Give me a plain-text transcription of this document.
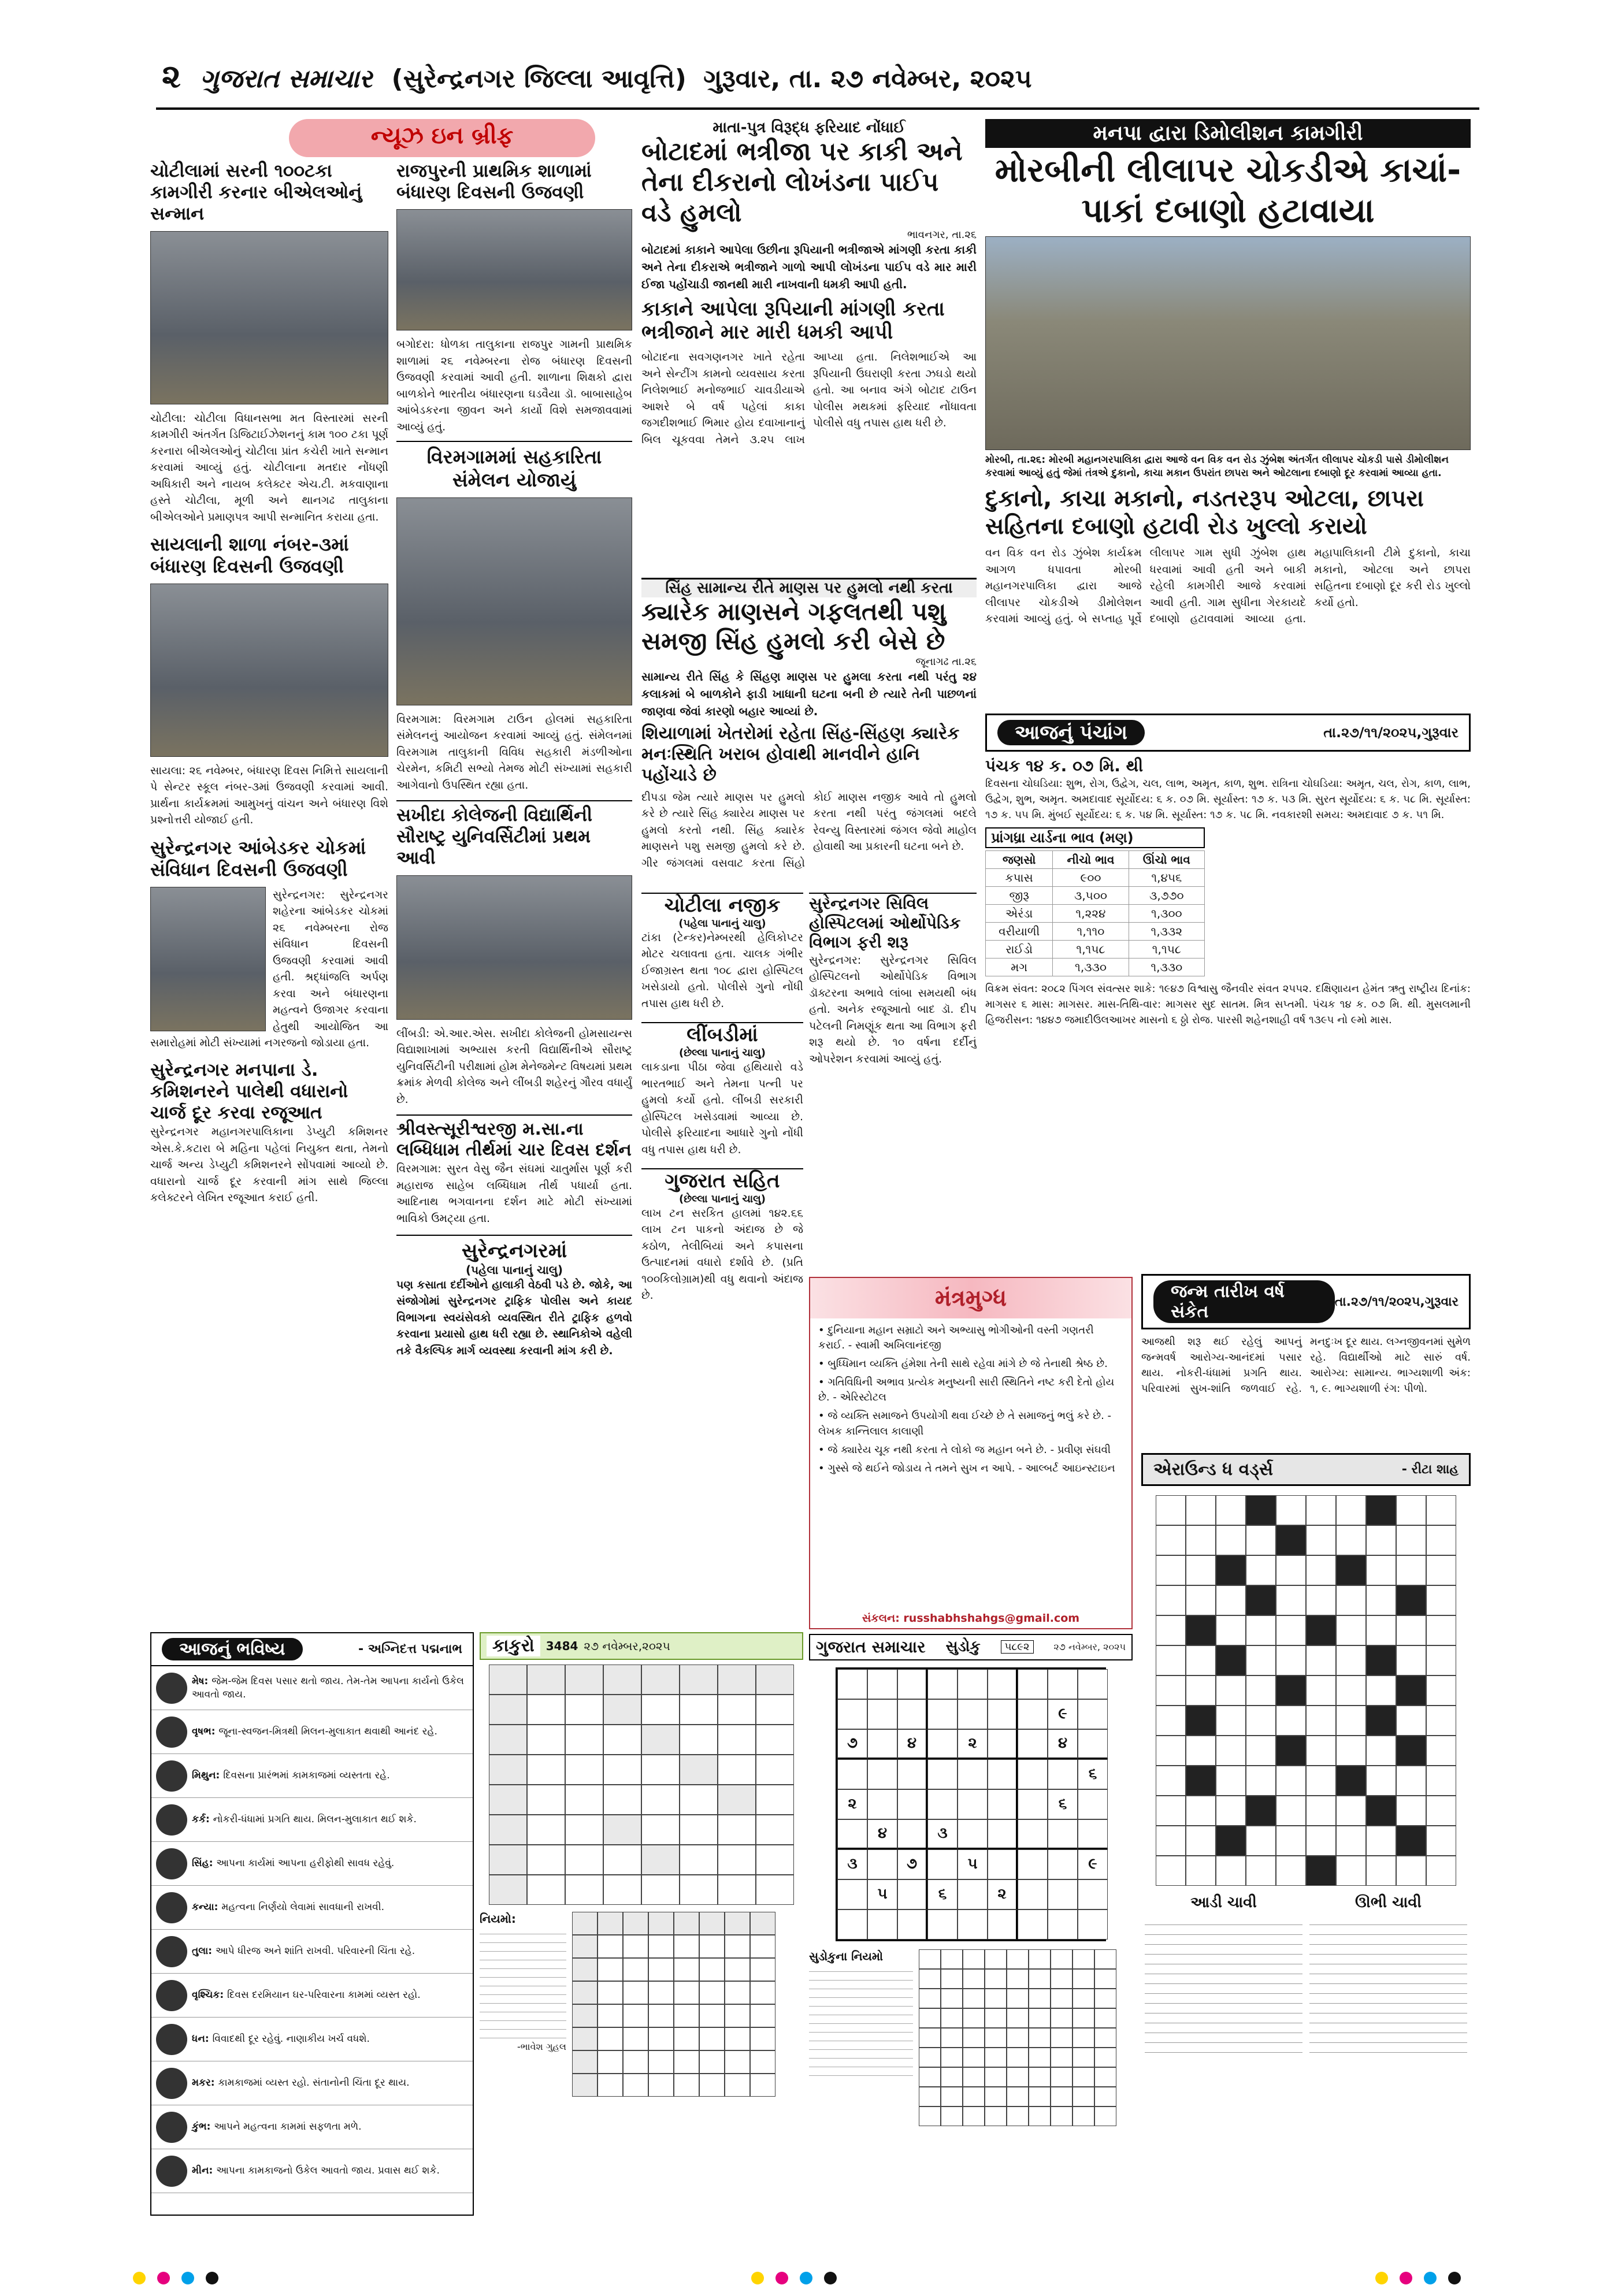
૨ ગુજરાત સમાચાર (સુરેન્દ્રનગર જિલ્લા આવૃત્તિ) ગુરૂવાર, તા. ૨૭ નવેમ્બર, ૨૦૨૫
ન્યૂઝ ઇન બ્રીફ
ચોટીલામાં સરની ૧૦૦ટકા કામગીરી કરનાર બીએલઓનું સન્માન
ચોટીલા: ચોટીલા વિધાનસભા મત વિસ્તારમાં સરની કામગીરી અંતર્ગત ડિજિટાઈઝેશનનું કામ ૧૦૦ ટકા પૂર્ણ કરનારા બીએલઓનું ચોટીલા પ્રાંત કચેરી ખાતે સન્માન કરવામાં આવ્યું હતું. ચોટીલાના મતદાર નોંધણી અધિકારી અને નાયબ કલેક્ટર એચ.ટી. મકવાણાના હસ્તે ચોટીલા, મૂળી અને થાનગઢ તાલુકાના બીએલઓને પ્રમાણપત્ર આપી સન્માનિત કરાયા હતા.
સાયલાની શાળા નંબર-૩માં બંધારણ દિવસની ઉજવણી
સાયલા: ૨૬ નવેમ્બર, બંધારણ દિવસ નિમિત્તે સાયલાની પે સેન્ટર સ્કૂલ નંબર-૩માં ઉજવણી કરવામાં આવી. પ્રાર્થના કાર્યક્રમમાં આમુખનું વાંચન અને બંધારણ વિશે પ્રશ્નોત્તરી યોજાઈ હતી.
સુરેન્દ્રનગર આંબેડકર ચોકમાં સંવિધાન દિવસની ઉજવણી
સુરેન્દ્રનગર: સુરેન્દ્રનગર શહેરના આંબેડકર ચોકમાં ૨૬ નવેમ્બરના રોજ સંવિધાન દિવસની ઉજવણી કરવામાં આવી હતી. શ્રદ્ધાંજલિ અર્પણ કરવા અને બંધારણના મહત્વને ઉજાગર કરવાના હેતુથી આયોજિત આ સમારોહમાં મોટી સંખ્યામાં નગરજનો જોડાયા હતા.
સુરેન્દ્રનગર મનપાના ડે. કમિશનરને પાલેથી વધારાનો ચાર્જ દૂર કરવા રજૂઆત
સુરેન્દ્રનગર મહાનગરપાલિકાના ડેપ્યુટી કમિશનર એસ.કે.કટારા બે મહિના પહેલાં નિયુક્ત થતા, તેમનો ચાર્જ અન્ય ડેપ્યુટી કમિશનરને સોંપવામાં આવ્યો છે. વધારાનો ચાર્જ દૂર કરવાની માંગ સાથે જિલ્લા કલેક્ટરને લેખિત રજૂઆત કરાઈ હતી.
રાજપુરની પ્રાથમિક શાળામાં બંધારણ દિવસની ઉજવણી
બગોદરા: ધોળકા તાલુકાના રાજપુર ગામની પ્રાથમિક શાળામાં ૨૬ નવેમ્બરના રોજ બંધારણ દિવસની ઉજવણી કરવામાં આવી હતી. શાળાના શિક્ષકો દ્વારા બાળકોને ભારતીય બંધારણના ઘડવૈયા ડૉ. બાબાસાહેબ આંબેડકરના જીવન અને કાર્યો વિશે સમજાવવામાં આવ્યું હતું.
વિરમગામમાં સહકારિતા સંમેલન યોજાયું
વિરમગામ: વિરમગામ ટાઉન હોલમાં સહકારિતા સંમેલનનું આયોજન કરવામાં આવ્યું હતું. સંમેલનમાં વિરમગામ તાલુકાની વિવિધ સહકારી મંડળીઓના ચેરમેન, કમિટી સભ્યો તેમજ મોટી સંખ્યામાં સહકારી આગેવાનો ઉપસ્થિત રહ્યા હતા.
સખીદા કોલેજની વિદ્યાર્થિની સૌરાષ્ટ્ર યુનિવર્સિટીમાં પ્રથમ આવી
લીંબડી: એ.આર.એસ. સખીદા કોલેજની હોમસાયન્સ વિદ્યાશાખામાં અભ્યાસ કરતી વિદ્યાર્થિનીએ સૌરાષ્ટ્ર યુનિવર્સિટીની પરીક્ષામાં હોમ મેનેજમેન્ટ વિષયમાં પ્રથમ ક્રમાંક મેળવી કોલેજ અને લીંબડી શહેરનું ગૌરવ વધાર્યું છે.
શ્રીવસ્ત્સૂરીશ્વરજી મ.સા.ના લબ્ધિધામ તીર્થમાં ચાર દિવસ દર્શન
વિરમગામ: સુરત વેસુ જૈન સંઘમાં ચાતુર્માસ પૂર્ણ કરી મહારાજ સાહેબ લબ્ધિધામ તીર્થ પધાર્યા હતા. આદિનાથ ભગવાનના દર્શન માટે મોટી સંખ્યામાં ભાવિકો ઉમટ્યા હતા.
સુરેન્દ્રનગરમાં
(પહેલા પાનાનું ચાલુ)
પણ કસાતા દર્દીઓને હાલાકી વેઠવી પડે છે. જોકે, આ સંજોગોમાં સુરેન્દ્રનગર ટ્રાફિક પોલીસ અને કાયદ વિભાગના સ્વયંસેવકો વ્યવસ્થિત રીતે ટ્રાફિક હળવો કરવાના પ્રયાસો હાથ ધરી રહ્યા છે. સ્થાનિકોએ વહેલી તકે વૈકલ્પિક માર્ગ વ્યવસ્થા કરવાની માંગ કરી છે.
માતા-પુત્ર વિરૂદ્ધ ફરિયાદ નોંધાઈ
બોટાદમાં ભત્રીજા પર કાકી અને તેના દીકરાનો લોખંડના પાઈપ વડે હુમલો
ભાવનગર, તા.૨૬
બોટાદમાં કાકાને આપેલા ઉછીના રૂપિયાની ભત્રીજાએ માંગણી કરતા કાકી અને તેના દીકરાએ ભત્રીજાને ગાળો આપી લોખંડના પાઈપ વડે માર મારી ઈજા પહોંચાડી જાનથી મારી નાખવાની ધમકી આપી હતી.
કાકાને આપેલા રૂપિયાની માંગણી કરતા ભત્રીજાને માર મારી ધમકી આપી
બોટાદના સવગણનગર ખાતે રહેતા અને સેન્ટીંગ કામનો વ્યવસાય કરતા નિલેશભાઈ મનોજભાઈ ચાવડીયાએ આશરે બે વર્ષ પહેલાં કાકા જગદીશભાઈ ભિમાર હોય દવાખાનાનું બિલ ચૂકવવા તેમને ૩.૨૫ લાખ આપ્યા હતા. નિલેશભાઈએ આ રૂપિયાની ઉઘરાણી કરતા ઝઘડો થયો હતો. આ બનાવ અંગે બોટાદ ટાઉન પોલીસ મથકમાં ફરિયાદ નોંધાવતા પોલીસે વધુ તપાસ હાથ ધરી છે.
સિંહ સામાન્ય રીતે માણસ પર હુમલો નથી કરતા
ક્યારેક માણસને ગફલતથી પશુ સમજી સિંહ હુમલો કરી બેસે છે
જૂનાગઢ તા.૨૬
સામાન્ય રીતે સિંહ કે સિંહણ માણસ પર હુમલા કરતા નથી પરંતુ ૨૪ કલાકમાં બે બાળકોને ફાડી ખાધાની ઘટના બની છે ત્યારે તેની પાછળનાં જાણવા જેવાં કારણો બહાર આવ્યાં છે.
શિયાળામાં ખેતરોમાં રહેતા સિંહ-સિંહણ ક્યારેક મનઃસ્થિતિ ખરાબ હોવાથી માનવીને હાનિ પહોંચાડે છે
દીપડા જેમ ત્યારે માણસ પર હુમલો કરે છે ત્યારે સિંહ ક્યારેય માણસ પર હુમલો કરતો નથી. સિંહ ક્યારેક માણસને પશુ સમજી હુમલો કરે છે. ગીર જંગલમાં વસવાટ કરતા સિંહો કોઈ માણસ નજીક આવે તો હુમલો કરતા નથી પરંતુ જંગલમાં બદલે રેવન્યુ વિસ્તારમાં જંગલ જેવો માહોલ હોવાથી આ પ્રકારની ઘટના બને છે.
ચોટીલા નજીક
(પહેલા પાનાનું ચાલુ)
ટાંકા (ટેન્કર)નેમ્બરથી હેલિકોપ્ટર મોટર ચલાવતા હતા. ચાલક ગંભીર ઈજાગ્રસ્ત થતા ૧૦૮ દ્વારા હોસ્પિટલ ખસેડાયો હતો. પોલીસે ગુનો નોંધી તપાસ હાથ ધરી છે.
લીંબડીમાં
(છેલ્લા પાનાનું ચાલુ)
લાકડાના પીઠા જેવા હથિયારો વડે ભારતભાઈ અને તેમના પત્ની પર હુમલો કર્યો હતો. લીંબડી સરકારી હોસ્પિટલ ખસેડવામાં આવ્યા છે. પોલીસે ફરિયાદના આધારે ગુનો નોંધી વધુ તપાસ હાથ ધરી છે.
ગુજરાત સહિત
(છેલ્લા પાનાનું ચાલુ)
લાખ ટન સરકિત હાલમાં ૧૪૨.૬૬ લાખ ટન પાકનો અંદાજ છે જે કઠોળ, તેલીબિયાં અને કપાસના ઉત્પાદનમાં વધારો દર્શાવે છે. (પ્રતિ ૧૦૦કિલોગ્રામ)થી વધુ થવાનો અંદાજ છે.
સુરેન્દ્રનગર સિવિલ હોસ્પિટલમાં ઓર્થોપેડિક વિભાગ ફરી શરૂ
સુરેન્દ્રનગર: સુરેન્દ્રનગર સિવિલ હોસ્પિટલનો ઓર્થોપેડિક વિભાગ ડૉક્ટરના અભાવે લાંબા સમયથી બંધ હતો. અનેક રજૂઆતો બાદ ડૉ. દીપ પટેલની નિમણૂંક થતા આ વિભાગ ફરી શરૂ થયો છે. ૧૦ વર્ષના દર્દીનું ઓપરેશન કરવામાં આવ્યું હતું.
મંત્રમુગ્ધ
• દુનિયાના મહાન સમ્રાટો અને અભ્યાસુ ભોગીઓની વસ્તી ગણતરી કરાઈ. - સ્વામી અખિલાનંદજી
• બુધ્ધિમાન વ્યક્તિ હંમેશા તેની સાથે રહેવા માંગે છે જે તેનાથી શ્રેષ્ઠ છે.
• ગતિવિધિની અભાવ પ્રત્યેક મનુષ્યની સારી સ્થિતિને નષ્ટ કરી દેતો હોય છે. - એરિસ્ટોટલ
• જે વ્યક્તિ સમાજને ઉપયોગી થવા ઈચ્છે છે તે સમાજનું ભલું કરે છે. - લેખક કાન્તિલાલ કાલાણી
• જે ક્યારેય ચૂક નથી કરતા તે લોકો જ મહાન બને છે. - પ્રવીણ સંઘવી
• ગુસ્સે જે થઈને જોડાય તે તમને સુખ ન આપે. - આલ્બર્ટ આઇન્સ્ટાઇન
સંકલન: russhabhshahgs@gmail.com
મનપા દ્વારા ડિમોલીશન કામગીરી
મોરબીની લીલાપર ચોકડીએ કાચાં-પાકાં દબાણો હટાવાયા
મોરબી, તા.૨૬: મોરબી મહાનગરપાલિકા દ્વારા આજે વન વિક વન રોડ ઝુંબેશ અંતર્ગત લીલાપર ચોકડી પાસે ડીમોલીશન કરવામાં આવ્યું હતું જેમાં તંત્રએ દુકાનો, કાચા મકાન ઉપરાંત છાપરા અને ઓટલાના દબાણો દૂર કરવામાં આવ્યા હતા.
દુકાનો, કાચા મકાનો, નડતરરૂપ ઓટલા, છાપરા સહિતના દબાણો હટાવી રોડ ખુલ્લો કરાયો
વન વિક વન રોડ ઝુંબેશ કાર્યક્રમ આગળ ધપાવતા મોરબી મહાનગરપાલિકા દ્વારા આજે લીલાપર ચોકડીએ ડીમોલેશન કરવામાં આવ્યું હતું. બે સપ્તાહ પૂર્વે લીલાપર ગામ સુધી ઝુંબેશ હાથ ધરવામાં આવી હતી અને બાકી રહેલી કામગીરી આજે કરવામાં આવી હતી. ગામ સુધીના ગેરકાયદે દબાણો હટાવવામાં આવ્યા હતા. મહાપાલિકાની ટીમે દુકાનો, કાચા મકાનો, ઓટલા અને છાપરા સહિતના દબાણો દૂર કરી રોડ ખુલ્લો કર્યો હતો.
આજનું પંચાંગ	તા.૨૭/૧૧/૨૦૨૫,ગુરૂવાર
પંચક ૧૪ ક. ૦૭ મિ. થી
દિવસના ચોઘડિયા: શુભ, રોગ, ઉદ્વેગ, ચલ, લાભ, અમૃત, કાળ, શુભ. રાત્રિના ચોઘડિયા: અમૃત, ચલ, રોગ, કાળ, લાભ, ઉદ્વેગ, શુભ, અમૃત. અમદાવાદ સૂર્યોદય: ૬ ક. ૦૭ મિ. સૂર્યાસ્ત: ૧૭ ક. ૫૩ મિ. સુરત સૂર્યોદય: ૬ ક. ૫૮ મિ. સૂર્યાસ્ત: ૧૭ ક. ૫૫ મિ. મુંબઈ સૂર્યોદય: ૬ ક. ૫૪ મિ. સૂર્યાસ્ત: ૧૭ ક. ૫૮ મિ. નવકારશી સમય: અમદાવાદ ૭ ક. ૫૧ મિ.
પ્રાંગધ્રા યાર્ડના ભાવ (મણ)
જણસો	નીચો ભાવ	ઊંચો ભાવ
કપાસ	૯૦૦	૧,૪૫૬
જીરૂ	૩,૫૦૦	૩,૭૭૦
એરંડા	૧,૨૨૪	૧,૩૦૦
વરીયાળી	૧,૧૧૦	૧,૩૩૨
રાઈડો	૧,૧૫૮	૧,૧૫૮
મગ	૧,૩૩૦	૧,૩૩૦
વિક્રમ સંવત: ૨૦૮૨ પિંગલ સંવત્સર શાકે: ૧૯૪૭ વિશ્વાસુ જૈનવીર સંવત ૨૫૫૨. દક્ષિણાયન હેમંત ઋતુ રાષ્ટ્રીય દિનાંક: માગસર ૬ માસ: માગસર. માસ-તિથિ-વાર: માગસર સુદ સાતમ. મિત્ર સપ્તમી. પંચક ૧૪ ક. ૦૭ મિ. થી. મુસલમાની હિજરીસન: ૧૪૪૭ જમાદીઉલઆખર માસનો ૬ ઠ્ઠો રોજ. પારસી શહેનશાહી વર્ષ ૧૩૯૫ નો ૯મો માસ.
જન્મ તારીખ વર્ષ સંકેત	તા.૨૭/૧૧/૨૦૨૫,ગુરૂવાર
આજથી શરૂ થઈ રહેલું આપનું જન્મવર્ષ આરોગ્ય-આનંદમાં પસાર થાય. નોકરી-ધંધામાં પ્રગતિ થાય. પરિવારમાં સુખ-શાંતિ જળવાઈ રહે. મનદુઃખ દૂર થાય. લગ્નજીવનમાં સુમેળ રહે. વિદ્યાર્થીઓ માટે સારું વર્ષ. આરોગ્ય: સામાન્ય. ભાગ્યશાળી અંક: ૧, ૯. ભાગ્યશાળી રંગ: પીળો.
એરાઉન્ડ ધ વર્ડ્સ	- રીટા શાહ
આડી ચાવી	ઊભી ચાવી
આજનું ભવિષ્ય	- અગ્નિદત્ત પદ્મનાભ
મેષ: જેમ-જેમ દિવસ પસાર થતો જાય. તેમ-તેમ આપના કાર્યનો ઉકેલ આવતો જાય.
વૃષભ: જૂના-સ્વજન-મિત્રથી મિલન-મુલાકાત થવાથી આનંદ રહે.
મિથુન: દિવસના પ્રારંભમાં કામકાજમાં વ્યસ્તતા રહે.
કર્ક: નોકરી-ધંધામાં પ્રગતિ થાય. મિલન-મુલાકાત થઈ શકે.
સિંહ: આપના કાર્યમાં આપના હરીફોથી સાવધ રહેવું.
કન્યા: મહત્વના નિર્ણયો લેવામાં સાવધાની રાખવી.
તુલા: આપે ધીરજ અને શાંતિ રાખવી. પરિવારની ચિંતા રહે.
વૃશ્ચિક: દિવસ દરમિયાન ઘર-પરિવારના કામમાં વ્યસ્ત રહો.
ધન: વિવાદથી દૂર રહેવું. નાણાકીય ખર્ચ વધશે.
મકર: કામકાજમાં વ્યસ્ત રહો. સંતાનોની ચિંતા દૂર થાય.
કુંભ: આપને મહત્વના કામમાં સફળતા મળે.
મીન: આપના કામકાજનો ઉકેલ આવતો જાય. પ્રવાસ થઈ શકે.
કાકુરો	3484 ૨૭ નવેમ્બર,૨૦૨૫
નિયમો:
-ભાવેશ ગુહલ
ગુજરાત સમાચાર સુડોકુ	૫૮૯૨	૨૭ નવેમ્બર, ૨૦૨૫
૯
૭	૪	૨	૪
૬
૨	૬
૪	૩
૩	૭	૫	૯
૫	૬	૨
સુડોકુના નિયમો
